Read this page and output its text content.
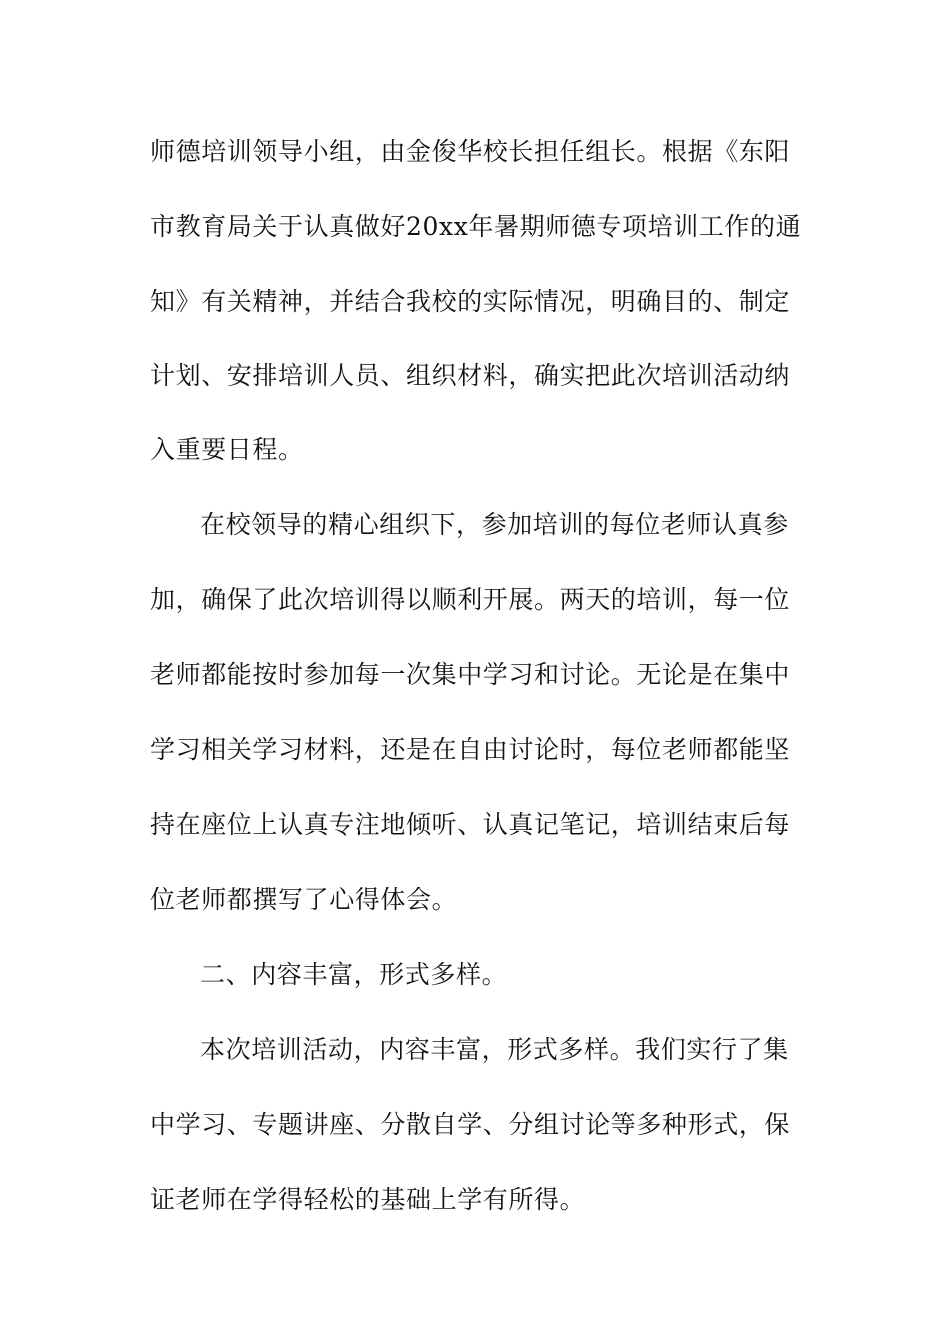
师德培训领导小组，由金俊华校长担任组长。根据《东阳
市教育局关于认真做好20xx年暑期师德专项培训工作的通
知》有关精神，并结合我校的实际情况，明确目的、制定
计划、安排培训人员、组织材料，确实把此次培训活动纳
入重要日程。
在校领导的精心组织下，参加培训的每位老师认真参
加，确保了此次培训得以顺利开展。两天的培训，每一位
老师都能按时参加每一次集中学习和讨论。无论是在集中
学习相关学习材料，还是在自由讨论时，每位老师都能坚
持在座位上认真专注地倾听、认真记笔记，培训结束后每
位老师都撰写了心得体会。
二、内容丰富，形式多样。
本次培训活动，内容丰富，形式多样。我们实行了集
中学习、专题讲座、分散自学、分组讨论等多种形式，保
证老师在学得轻松的基础上学有所得。
